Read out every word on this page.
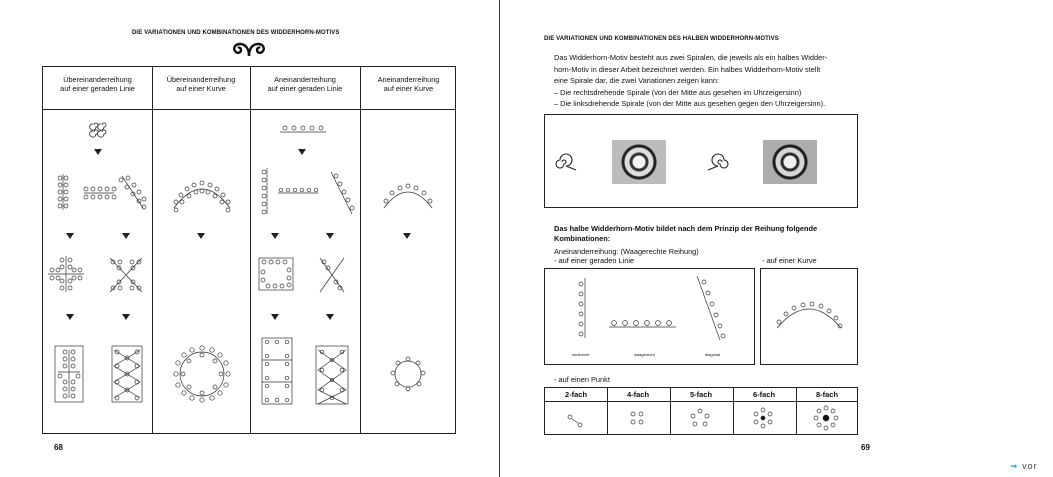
DIE VARIATIONEN UND KOMBINATIONEN DES WIDDERHORN-MOTIVS
Übereinanderreihung
auf einer geraden Linie
Übereinanderreihung
auf einer Kurve
Aneinanderreihung
auf einer geraden Linie
Aneinanderreihung
auf einer Kurve
68
DIE VARIATIONEN UND KOMBINATIONEN DES HALBEN WIDDERHORN-MOTIVS
Das Widderhorn-Motiv besteht aus zwei Spiralen, die jeweils als ein halbes Widder-
horn-Motiv in dieser Arbeit bezeichnet werden. Ein halbes Widderhorn-Motiv stellt
eine Spirale dar, die zwei Variationen zeigen kann:
– Die rechtsdrehende Spirale (von der Mitte aus gesehen im Uhrzeigersinn)
– Die linksdrehende Spirale (von der Mitte aus gesehen gegen den Uhrzeigersinn).
Das halbe Widderhorn-Motiv bildet nach dem Prinzip der Reihung folgende
Kombinationen:
Aneinanderreihung: (Waagerechte Reihung)
- auf einer geraden Linie	- auf einer Kurve
senkrecht	waagerecht	diagonal
- auf einen Punkt
2-fach	4-fach	5-fach	6-fach	8-fach
69
➟ vor
